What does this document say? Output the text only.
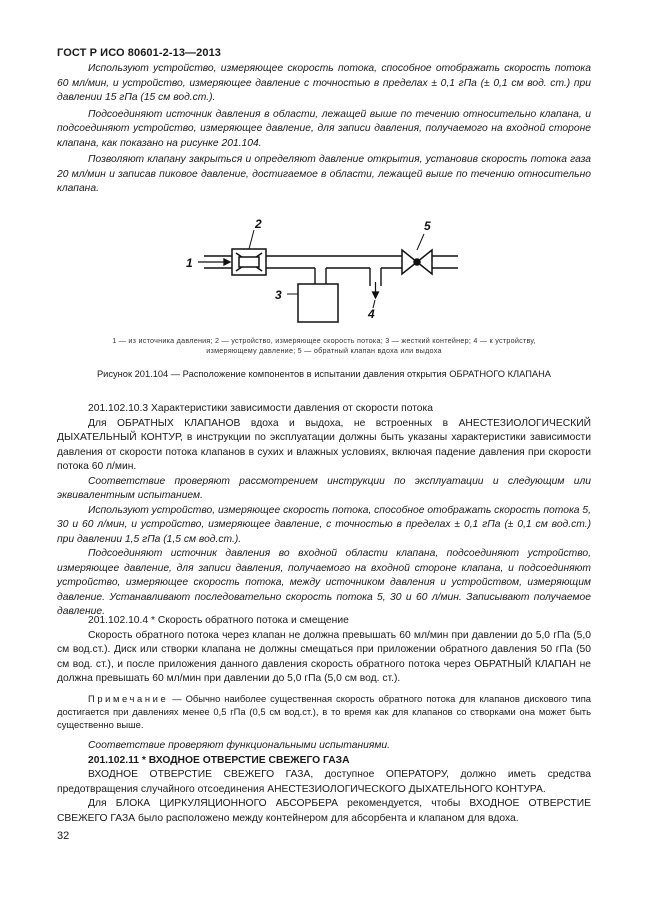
ГОСТ Р ИСО 80601-2-13—2013

Используют устройство, измеряющее скорость потока, способное отображать скорость потока 60 мл/мин, и устройство, измеряющее давление с точностью в пределах ± 0,1 гПа (± 0,1 см вод. ст.) при давлении 15 гПа (15 см вод.ст.).

Подсоединяют источник давления в области, лежащей выше по течению относительно клапана, и подсоединяют устройство, измеряющее давление, для записи давления, получаемого на входной стороне клапана, как показано на рисунке 201.104.

Позволяют клапану закрыться и определяют давление открытия, установив скорость потока газа 20 мл/мин и записав пиковое давление, достигаемое в области, лежащей выше по течению относительно клапана.

1
2
3
4
5
1 — из источника давления; 2 — устройство, измеряющее скорость потока; 3 — жесткий контейнер; 4 — к устройству,
измеряющему давление; 5 — обратный клапан вдоха или выдоха
Рисунок 201.104 — Расположение компонентов в испытании давления открытия ОБРАТНОГО КЛАПАНА

201.102.10.3 Характеристики зависимости давления от скорости потока

Для ОБРАТНЫХ КЛАПАНОВ вдоха и выдоха, не встроенных в АНЕСТЕЗИОЛОГИЧЕСКИЙ ДЫХАТЕЛЬНЫЙ КОНТУР, в инструкции по эксплуатации должны быть указаны характеристики зависимости давления от скорости потока клапанов в сухих и влажных условиях, включая падение давления при скорости потока 60 л/мин.

Соответствие проверяют рассмотрением инструкции по эксплуатации и следующим или эквивалентным испытанием.

Используют устройство, измеряющее скорость потока, способное отображать скорость потока 5, 30 и 60 л/мин, и устройство, измеряющее давление, с точностью в пределах ± 0,1 гПа (± 0,1 см вод.ст.) при давлении 1,5 гПа (1,5 см вод.ст.).

Подсоединяют источник давления во входной области клапана, подсоединяют устройство, измеряющее давление, для записи давления, получаемого на входной стороне клапана, и подсоединяют устройство, измеряющее скорость потока, между источником давления и устройством, измеряющим давление. Устанавливают последовательно скорость потока 5, 30 и 60 л/мин. Записывают получаемое давление.

201.102.10.4 * Скорость обратного потока и смещение

Скорость обратного потока через клапан не должна превышать 60 мл/мин при давлении до 5,0 гПа (5,0 см вод.ст.). Диск или створки клапана не должны смещаться при приложении обратного давления 50 гПа (50 см вод. ст.), и после приложения данного давления скорость обратного потока через ОБРАТНЫЙ КЛАПАН не должна превышать 60 мл/мин при давлении до 5,0 гПа (5,0 см вод. ст.).

Примечание — Обычно наиболее существенная скорость обратного потока для клапанов дискового типа достигается при давлениях менее 0,5 гПа (0,5 см вод.ст.), в то время как для клапанов со створками она может быть существенно выше.

Соответствие проверяют функциональными испытаниями.

201.102.11 * ВХОДНОЕ ОТВЕРСТИЕ СВЕЖЕГО ГАЗА

ВХОДНОЕ ОТВЕРСТИЕ СВЕЖЕГО ГАЗА, доступное ОПЕРАТОРУ, должно иметь средства предотвращения случайного отсоединения АНЕСТЕЗИОЛОГИЧЕСКОГО ДЫХАТЕЛЬНОГО КОНТУРА.

Для БЛОКА ЦИРКУЛЯЦИОННОГО АБСОРБЕРА рекомендуется, чтобы ВХОДНОЕ ОТВЕРСТИЕ СВЕЖЕГО ГАЗА было расположено между контейнером для абсорбента и клапаном для вдоха.

32
